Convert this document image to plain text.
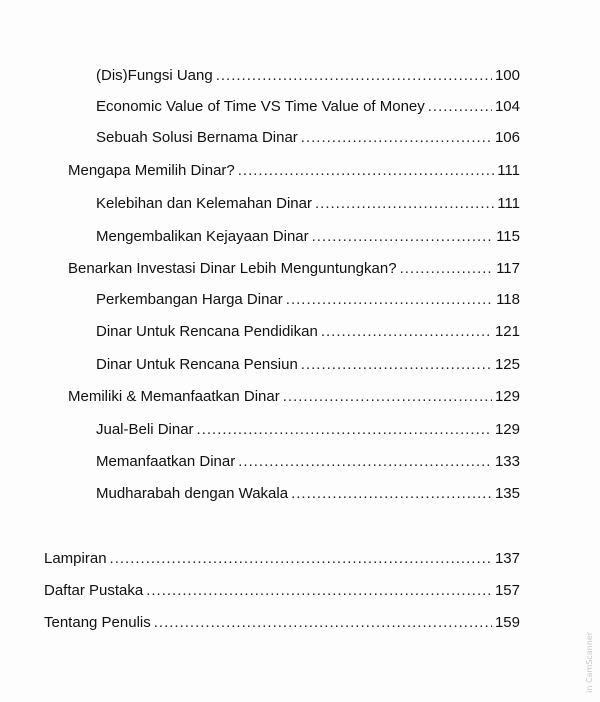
(Dis)Fungsi Uang .....	100
Economic Value of Time VS Time Value of Money .....	104
Sebuah Solusi Bernama Dinar .....	106
Mengapa Memilih Dinar? .....	111
Kelebihan dan Kelemahan Dinar .....	111
Mengembalikan Kejayaan Dinar .....	115
Benarkan Investasi Dinar Lebih Menguntungkan? .....	117
Perkembangan Harga Dinar .....	118
Dinar Untuk Rencana Pendidikan .....	121
Dinar Untuk Rencana Pensiun .....	125
Memiliki & Memanfaatkan Dinar .....	129
Jual-Beli Dinar .....	129
Memanfaatkan Dinar .....	133
Mudharabah dengan Wakala .....	135
Lampiran .....	137
Daftar Pustaka .....	157
Tentang Penulis .....	159
in CamScanner
